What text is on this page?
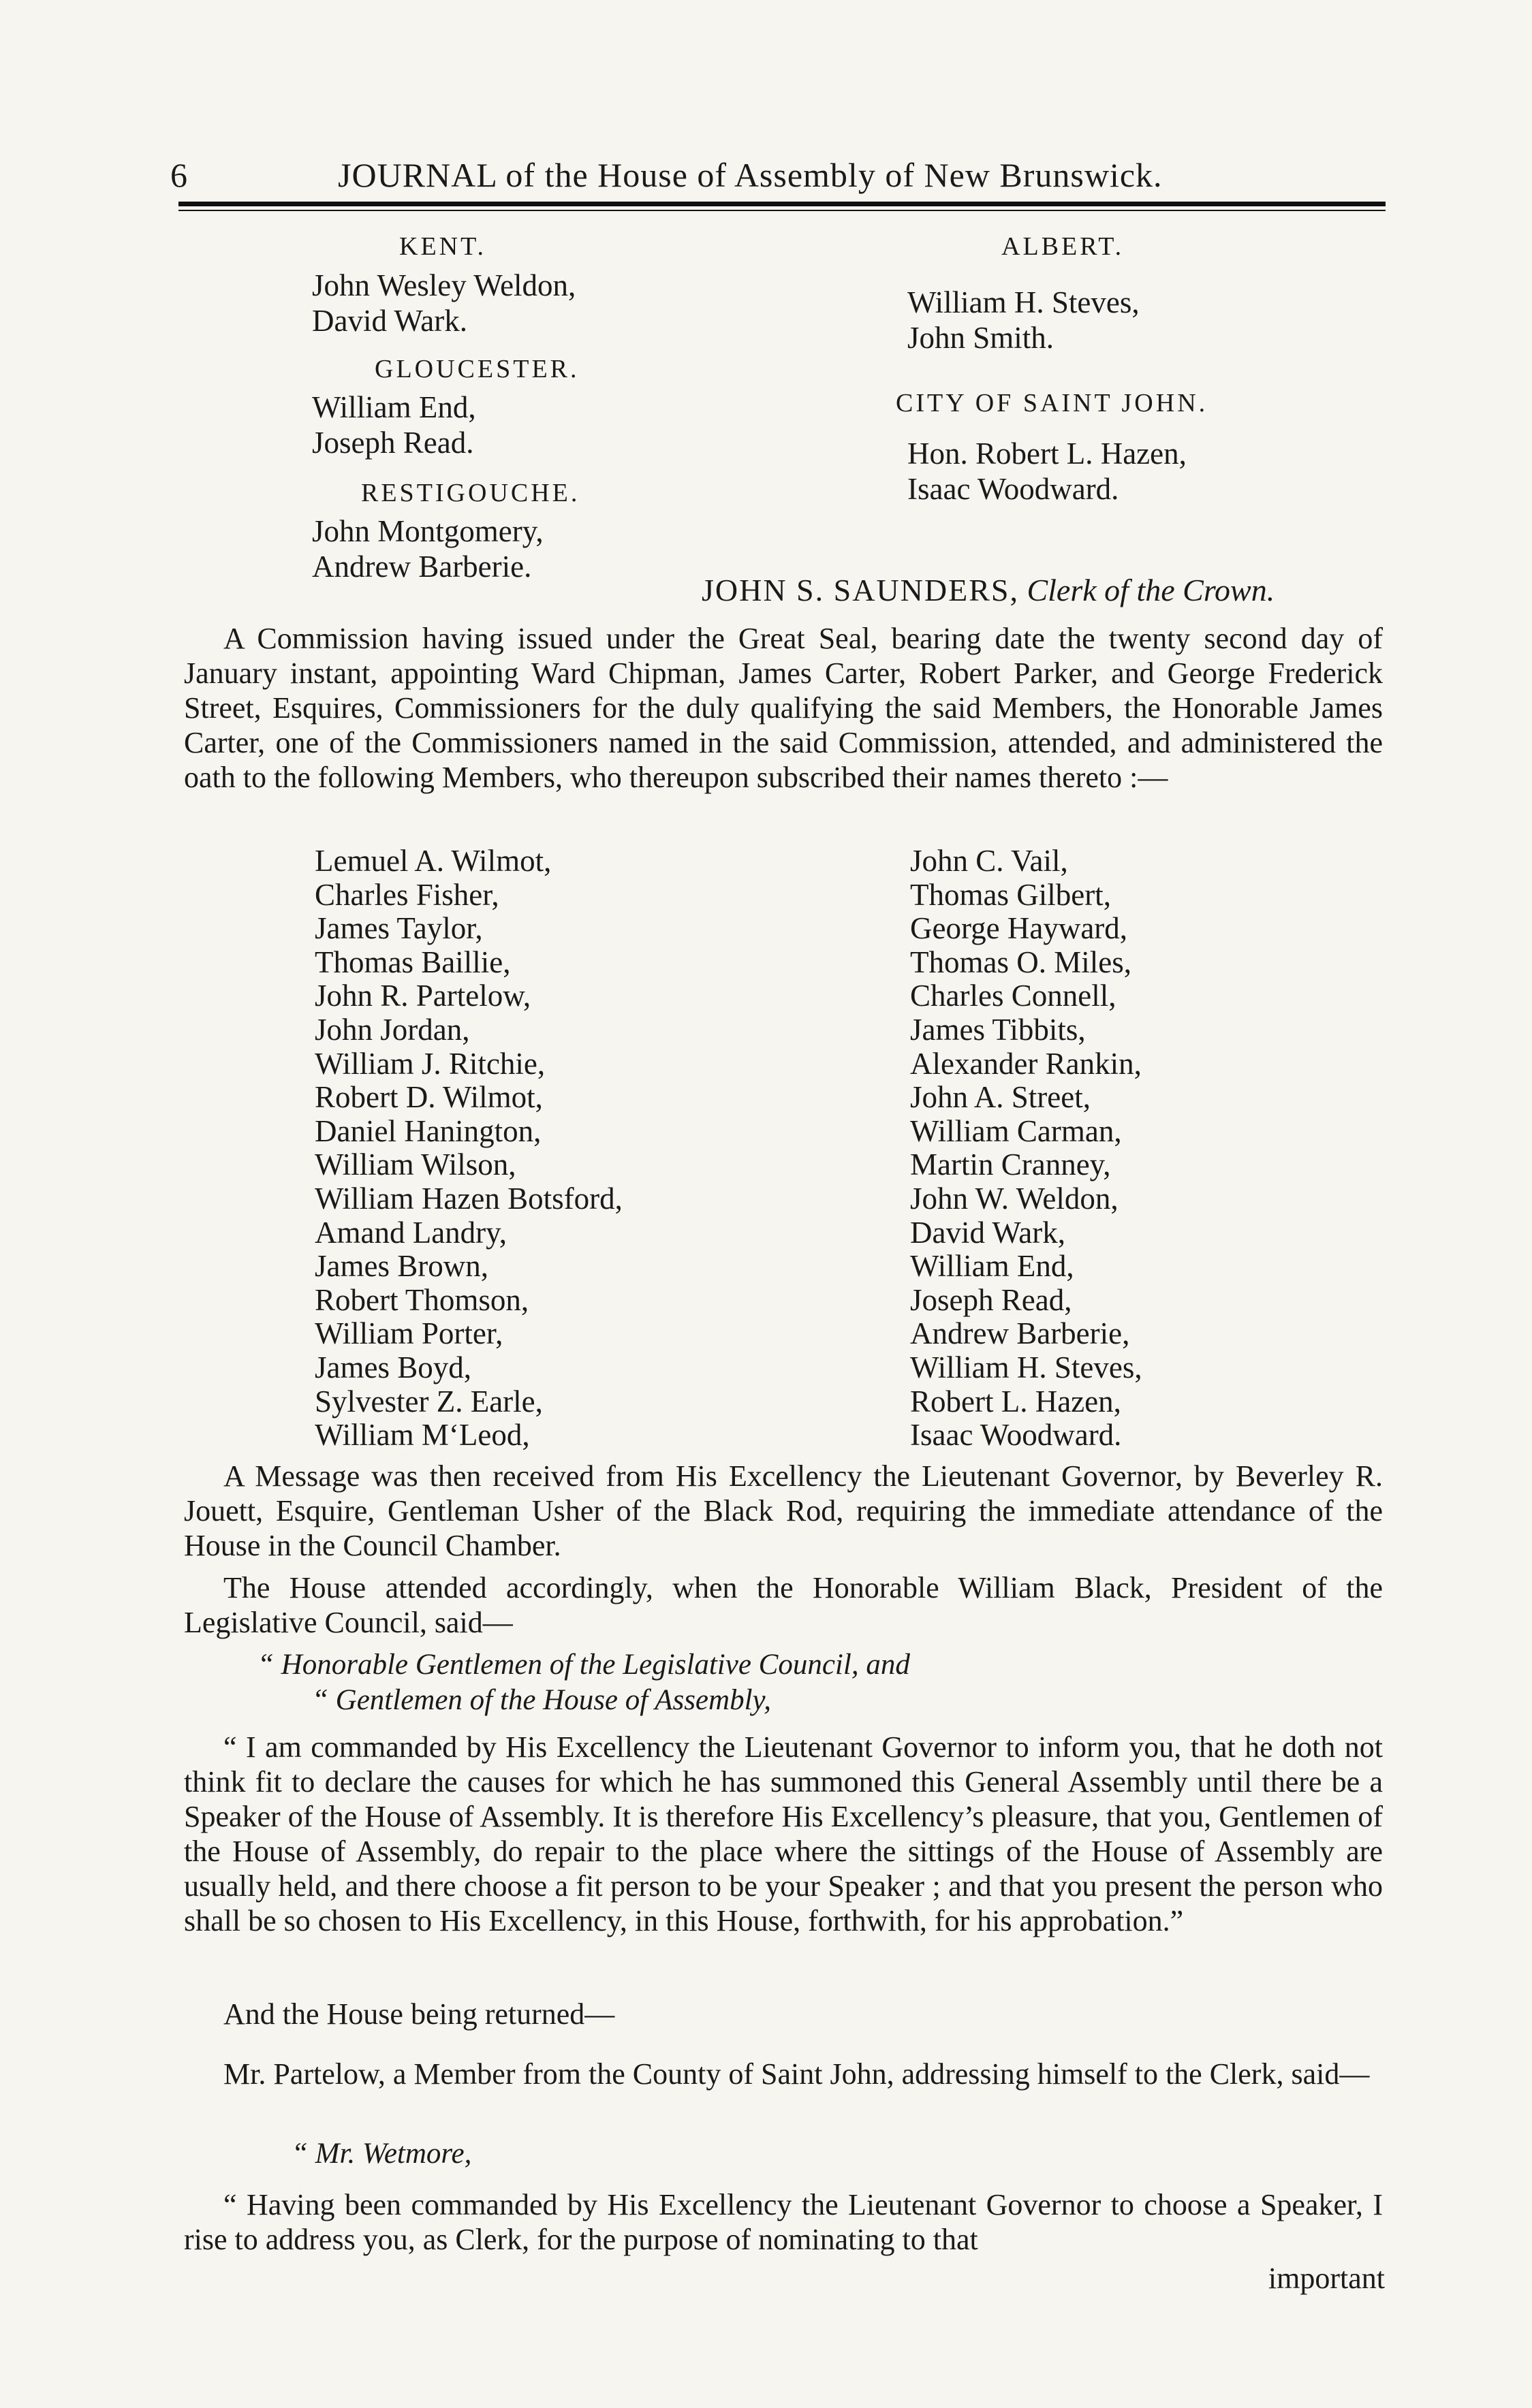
6	JOURNAL of the House of Assembly of New Brunswick.
KENT.
John Wesley Weldon,
David Wark.
GLOUCESTER.
William End,
Joseph Read.
RESTIGOUCHE.
John Montgomery,
Andrew Barberie.
ALBERT.
William H. Steves,
John Smith.
CITY OF SAINT JOHN.
Hon. Robert L. Hazen,
Isaac Woodward.
JOHN S. SAUNDERS, Clerk of the Crown.

A Commission having issued under the Great Seal, bearing date the twenty second day of January instant, appointing Ward Chipman, James Carter, Robert Parker, and George Frederick Street, Esquires, Commissioners for the duly qualifying the said Members, the Honorable James Carter, one of the Commissioners named in the said Commission, attended, and administered the oath to the following Members, who thereupon subscribed their names thereto :—

Lemuel A. Wilmot,
Charles Fisher,
James Taylor,
Thomas Baillie,
John R. Partelow,
John Jordan,
William J. Ritchie,
Robert D. Wilmot,
Daniel Hanington,
William Wilson,
William Hazen Botsford,
Amand Landry,
James Brown,
Robert Thomson,
William Porter,
James Boyd,
Sylvester Z. Earle,
William M‘Leod,
John C. Vail,
Thomas Gilbert,
George Hayward,
Thomas O. Miles,
Charles Connell,
James Tibbits,
Alexander Rankin,
John A. Street,
William Carman,
Martin Cranney,
John W. Weldon,
David Wark,
William End,
Joseph Read,
Andrew Barberie,
William H. Steves,
Robert L. Hazen,
Isaac Woodward.

A Message was then received from His Excellency the Lieutenant Governor, by Beverley R. Jouett, Esquire, Gentleman Usher of the Black Rod, requiring the immediate attendance of the House in the Council Chamber.

The House attended accordingly, when the Honorable William Black, President of the Legislative Council, said—

“ Honorable Gentlemen of the Legislative Council, and
“ Gentlemen of the House of Assembly,

“ I am commanded by His Excellency the Lieutenant Governor to inform you, that he doth not think fit to declare the causes for which he has summoned this General Assembly until there be a Speaker of the House of Assembly. It is therefore His Excellency’s pleasure, that you, Gentlemen of the House of Assembly, do repair to the place where the sittings of the House of Assembly are usually held, and there choose a fit person to be your Speaker ; and that you present the person who shall be so chosen to His Excellency, in this House, forthwith, for his approbation.”

And the House being returned—

Mr. Partelow, a Member from the County of Saint John, addressing himself to the Clerk, said—

“ Mr. Wetmore,

“ Having been commanded by His Excellency the Lieutenant Governor to choose a Speaker, I rise to address you, as Clerk, for the purpose of nominating to that

important
